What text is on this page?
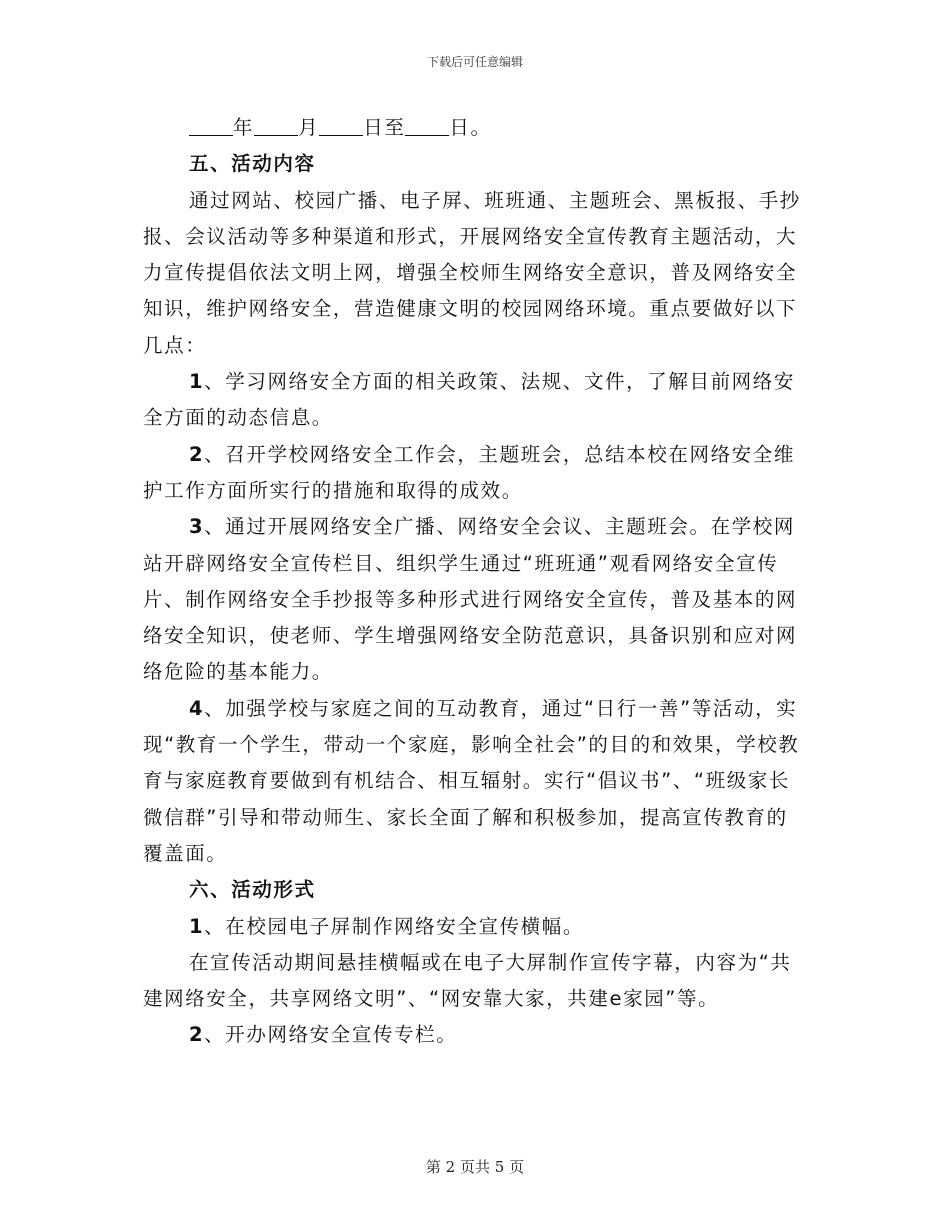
下载后可任意编辑

年 月 日至 日。

五、活动内容

通过网站、校园广播、电子屏、班班通、主题班会、黑板报、手抄报、会议活动等多种渠道和形式，开展网络安全宣传教育主题活动，大力宣传提倡依法文明上网，增强全校师生网络安全意识，普及网络安全知识，维护网络安全，营造健康文明的校园网络环境。重点要做好以下几点：

1、学习网络安全方面的相关政策、法规、文件，了解目前网络安全方面的动态信息。

2、召开学校网络安全工作会，主题班会，总结本校在网络安全维护工作方面所实行的措施和取得的成效。

3、通过开展网络安全广播、网络安全会议、主题班会。在学校网站开辟网络安全宣传栏目、组织学生通过“班班通”观看网络安全宣传片、制作网络安全手抄报等多种形式进行网络安全宣传，普及基本的网络安全知识，使老师、学生增强网络安全防范意识，具备识别和应对网络危险的基本能力。

4、加强学校与家庭之间的互动教育，通过“日行一善”等活动，实现“教育一个学生，带动一个家庭，影响全社会”的目的和效果，学校教育与家庭教育要做到有机结合、相互辐射。实行“倡议书”、“班级家长微信群”引导和带动师生、家长全面了解和积极参加，提高宣传教育的覆盖面。

六、活动形式

1、在校园电子屏制作网络安全宣传横幅。

在宣传活动期间悬挂横幅或在电子大屏制作宣传字幕，内容为“共建网络安全，共享网络文明”、“网安靠大家，共建e家园”等。

2、开办网络安全宣传专栏。

第 2 页共 5 页
